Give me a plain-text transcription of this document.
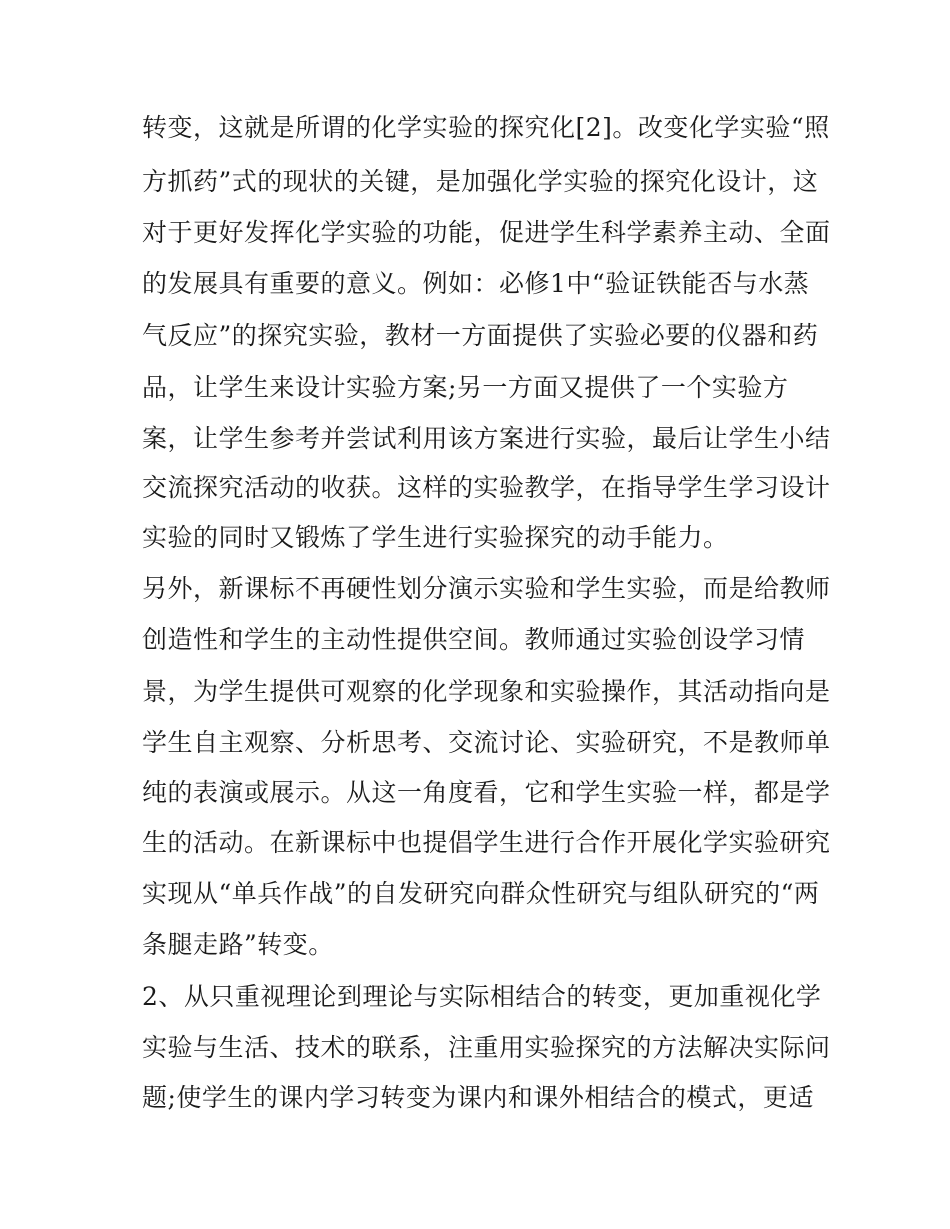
转变，这就是所谓的化学实验的探究化[2]。改变化学实验“照

方抓药”式的现状的关键，是加强化学实验的探究化设计，这

对于更好发挥化学实验的功能，促进学生科学素养主动、全面

的发展具有重要的意义。例如：必修1中“验证铁能否与水蒸

气反应”的探究实验，教材一方面提供了实验必要的仪器和药

品，让学生来设计实验方案;另一方面又提供了一个实验方

案，让学生参考并尝试利用该方案进行实验，最后让学生小结

交流探究活动的收获。这样的实验教学，在指导学生学习设计

实验的同时又锻炼了学生进行实验探究的动手能力。

另外，新课标不再硬性划分演示实验和学生实验，而是给教师

创造性和学生的主动性提供空间。教师通过实验创设学习情

景，为学生提供可观察的化学现象和实验操作，其活动指向是

学生自主观察、分析思考、交流讨论、实验研究，不是教师单

纯的表演或展示。从这一角度看，它和学生实验一样，都是学

生的活动。在新课标中也提倡学生进行合作开展化学实验研究

实现从“单兵作战”的自发研究向群众性研究与组队研究的“两

条腿走路”转变。

2、从只重视理论到理论与实际相结合的转变，更加重视化学

实验与生活、技术的联系，注重用实验探究的方法解决实际问

题;使学生的课内学习转变为课内和课外相结合的模式，更适
